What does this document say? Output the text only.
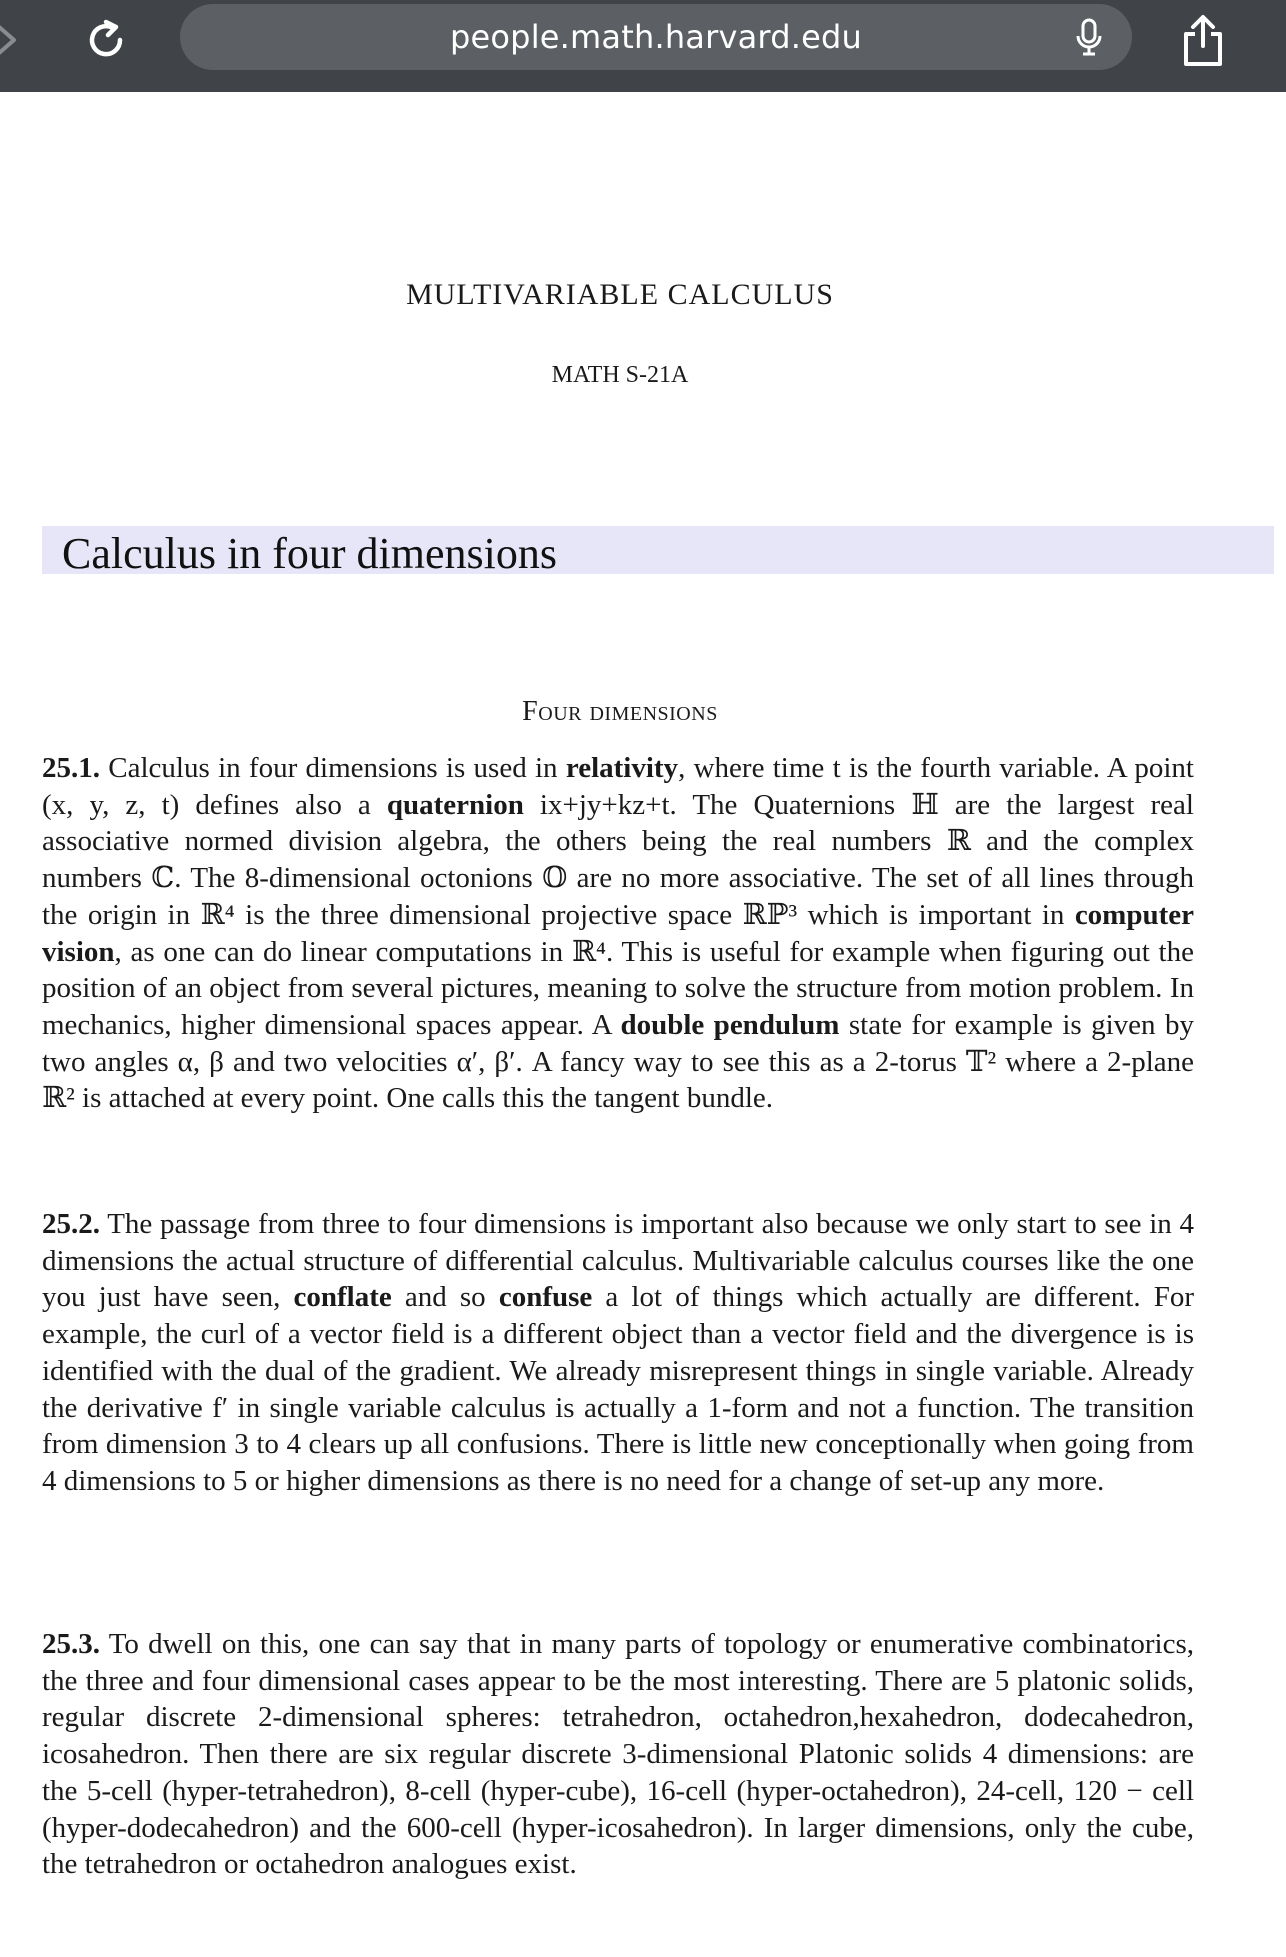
people.math.harvard.edu
MULTIVARIABLE CALCULUS
MATH S-21A
Calculus in four dimensions
Four dimensions

25.1. Calculus in four dimensions is used in relativity, where time t is the fourth variable. A point (x, y, z, t) defines also a quaternion ix+jy+kz+t. The Quaternions ℍ are the largest real associative normed division algebra, the others being the real numbers ℝ and the complex numbers ℂ. The 8-dimensional octonions 𝕆 are no more associative. The set of all lines through the origin in ℝ⁴ is the three dimensional projective space ℝℙ³ which is important in computer vision, as one can do linear computations in ℝ⁴. This is useful for example when figuring out the position of an object from several pictures, meaning to solve the structure from motion problem. In mechanics, higher dimensional spaces appear. A double pendulum state for example is given by two angles α, β and two velocities α′, β′. A fancy way to see this as a 2-torus 𝕋² where a 2-plane ℝ² is attached at every point. One calls this the tangent bundle.

25.2. The passage from three to four dimensions is important also because we only start to see in 4 dimensions the actual structure of differential calculus. Multivariable calculus courses like the one you just have seen, conflate and so confuse a lot of things which actually are different. For example, the curl of a vector field is a different object than a vector field and the divergence is is identified with the dual of the gradient. We already misrepresent things in single variable. Already the derivative f′ in single variable calculus is actually a 1-form and not a function. The transition from dimension 3 to 4 clears up all confusions. There is little new conceptionally when going from 4 dimensions to 5 or higher dimensions as there is no need for a change of set-up any more.

25.3. To dwell on this, one can say that in many parts of topology or enumerative combinatorics, the three and four dimensional cases appear to be the most interesting. There are 5 platonic solids, regular discrete 2-dimensional spheres: tetrahedron, octahedron,hexahedron, dodecahedron, icosahedron. Then there are six regular discrete 3-dimensional Platonic solids 4 dimensions: are the 5-cell (hyper-tetrahedron), 8-cell (hyper-cube), 16-cell (hyper-octahedron), 24-cell, 120 − cell (hyper-dodecahedron) and the 600-cell (hyper-icosahedron). In larger dimensions, only the cube, the tetrahedron or octahedron analogues exist.
